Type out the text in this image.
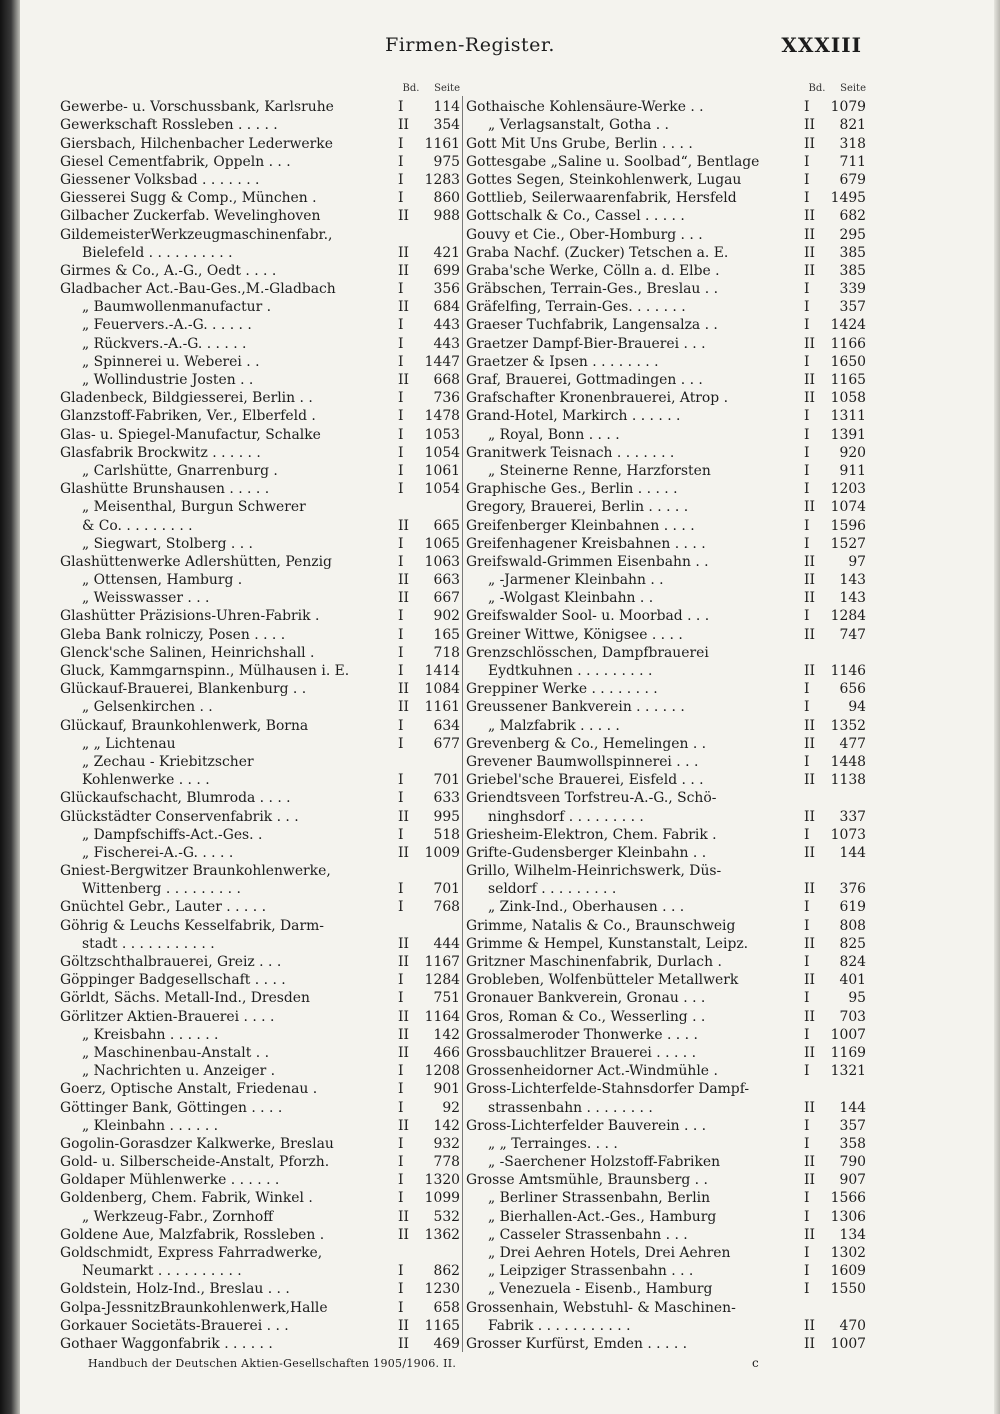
Firmen-Register.	XXXIII
Bd.	Seite
Gewerbe- u. Vorschussbank, Karlsruhe	I	114
Gewerkschaft Rossleben . . . . .	II	354
Giersbach, Hilchenbacher Lederwerke	I	1161
Giesel Cementfabrik, Oppeln . . .	I	975
Giessener Volksbad . . . . . . .	I	1283
Giesserei Sugg & Comp., München .	I	860
Gilbacher Zuckerfab. Wevelinghoven	II	988
GildemeisterWerkzeugmaschinenfabr.,
Bielefeld . . . . . . . . . .	II	421
Girmes & Co., A.-G., Oedt . . . .	II	699
Gladbacher Act.-Bau-Ges.,M.-Gladbach	I	356
„ Baumwollenmanufactur .	II	684
„ Feuervers.-A.-G. . . . . .	I	443
„ Rückvers.-A.-G. . . . . .	I	443
„ Spinnerei u. Weberei . .	I	1447
„ Wollindustrie Josten . .	II	668
Gladenbeck, Bildgiesserei, Berlin . .	I	736
Glanzstoff-Fabriken, Ver., Elberfeld .	I	1478
Glas- u. Spiegel-Manufactur, Schalke	I	1053
Glasfabrik Brockwitz . . . . . .	I	1054
„ Carlshütte, Gnarrenburg .	I	1061
Glashütte Brunshausen . . . . .	I	1054
„ Meisenthal, Burgun Schwerer
& Co. . . . . . . . .	II	665
„ Siegwart, Stolberg . . .	I	1065
Glashüttenwerke Adlershütten, Penzig	I	1063
„ Ottensen, Hamburg .	II	663
„ Weisswasser . . .	II	667
Glashütter Präzisions-Uhren-Fabrik .	I	902
Gleba Bank rolniczy, Posen . . . .	I	165
Glenck'sche Salinen, Heinrichshall .	I	718
Gluck, Kammgarnspinn., Mülhausen i. E.	I	1414
Glückauf-Brauerei, Blankenburg . .	II	1084
„ Gelsenkirchen . .	II	1161
Glückauf, Braunkohlenwerk, Borna	I	634
„ „ Lichtenau	I	677
„ Zechau - Kriebitzscher
Kohlenwerke . . . .	I	701
Glückaufschacht, Blumroda . . . .	I	633
Glückstädter Conservenfabrik . . .	II	995
„ Dampfschiffs-Act.-Ges. .	I	518
„ Fischerei-A.-G. . . . .	II	1009
Gniest-Bergwitzer Braunkohlenwerke,
Wittenberg . . . . . . . . .	I	701
Gnüchtel Gebr., Lauter . . . . .	I	768
Göhrig & Leuchs Kesselfabrik, Darm-
stadt . . . . . . . . . . .	II	444
Göltzschthalbrauerei, Greiz . . .	II	1167
Göppinger Badgesellschaft . . . .	I	1284
Görldt, Sächs. Metall-Ind., Dresden	I	751
Görlitzer Aktien-Brauerei . . . .	II	1164
„ Kreisbahn . . . . . .	II	142
„ Maschinenbau-Anstalt . .	II	466
„ Nachrichten u. Anzeiger .	I	1208
Goerz, Optische Anstalt, Friedenau .	I	901
Göttinger Bank, Göttingen . . . .	I	92
„ Kleinbahn . . . . . .	II	142
Gogolin-Gorasdzer Kalkwerke, Breslau	I	932
Gold- u. Silberscheide-Anstalt, Pforzh.	I	778
Goldaper Mühlenwerke . . . . . .	I	1320
Goldenberg, Chem. Fabrik, Winkel .	I	1099
„ Werkzeug-Fabr., Zornhoff	II	532
Goldene Aue, Malzfabrik, Rossleben .	II	1362
Goldschmidt, Express Fahrradwerke,
Neumarkt . . . . . . . . . .	I	862
Goldstein, Holz-Ind., Breslau . . .	I	1230
Golpa-JessnitzBraunkohlenwerk,Halle	I	658
Gorkauer Societäts-Brauerei . . .	II	1165
Gothaer Waggonfabrik . . . . . .	II	469
Bd.	Seite
Gothaische Kohlensäure-Werke . .	I	1079
„ Verlagsanstalt, Gotha . .	II	821
Gott Mit Uns Grube, Berlin . . . .	II	318
Gottesgabe „Saline u. Soolbad“, Bentlage	I	711
Gottes Segen, Steinkohlenwerk, Lugau	I	679
Gottlieb, Seilerwaarenfabrik, Hersfeld	I	1495
Gottschalk & Co., Cassel . . . . .	II	682
Gouvy et Cie., Ober-Homburg . . .	II	295
Graba Nachf. (Zucker) Tetschen a. E.	II	385
Graba'sche Werke, Cölln a. d. Elbe .	II	385
Gräbschen, Terrain-Ges., Breslau . .	I	339
Gräfelfing, Terrain-Ges. . . . . . .	I	357
Graeser Tuchfabrik, Langensalza . .	I	1424
Graetzer Dampf-Bier-Brauerei . . .	II	1166
Graetzer & Ipsen . . . . . . . .	I	1650
Graf, Brauerei, Gottmadingen . . .	II	1165
Grafschafter Kronenbrauerei, Atrop .	II	1058
Grand-Hotel, Markirch . . . . . .	I	1311
„ Royal, Bonn . . . .	I	1391
Granitwerk Teisnach . . . . . . .	I	920
„ Steinerne Renne, Harzforsten	I	911
Graphische Ges., Berlin . . . . .	I	1203
Gregory, Brauerei, Berlin . . . . .	II	1074
Greifenberger Kleinbahnen . . . .	I	1596
Greifenhagener Kreisbahnen . . . .	I	1527
Greifswald-Grimmen Eisenbahn . .	II	97
„ -Jarmener Kleinbahn . .	II	143
„ -Wolgast Kleinbahn . .	II	143
Greifswalder Sool- u. Moorbad . . .	I	1284
Greiner Wittwe, Königsee . . . .	II	747
Grenzschlösschen, Dampfbrauerei
Eydtkuhnen . . . . . . . . .	II	1146
Greppiner Werke . . . . . . . .	I	656
Greussener Bankverein . . . . . .	I	94
„ Malzfabrik . . . . .	II	1352
Grevenberg & Co., Hemelingen . .	II	477
Grevener Baumwollspinnerei . . .	I	1448
Griebel'sche Brauerei, Eisfeld . . .	II	1138
Griendtsveen Torfstreu-A.-G., Schö-
ninghsdorf . . . . . . . . .	II	337
Griesheim-Elektron, Chem. Fabrik .	I	1073
Grifte-Gudensberger Kleinbahn . .	II	144
Grillo, Wilhelm-Heinrichswerk, Düs-
seldorf . . . . . . . . .	II	376
„ Zink-Ind., Oberhausen . . .	I	619
Grimme, Natalis & Co., Braunschweig	I	808
Grimme & Hempel, Kunstanstalt, Leipz.	II	825
Gritzner Maschinenfabrik, Durlach .	I	824
Grobleben, Wolfenbütteler Metallwerk	II	401
Gronauer Bankverein, Gronau . . .	I	95
Gros, Roman & Co., Wesserling . .	II	703
Grossalmeroder Thonwerke . . . .	I	1007
Grossbauchlitzer Brauerei . . . . .	II	1169
Grossenheidorner Act.-Windmühle .	I	1321
Gross-Lichterfelde-Stahnsdorfer Dampf-
strassenbahn . . . . . . . .	II	144
Gross-Lichterfelder Bauverein . . .	I	357
„ „ Terrainges. . . .	I	358
„ -Saerchener Holzstoff-Fabriken	II	790
Grosse Amtsmühle, Braunsberg . .	II	907
„ Berliner Strassenbahn, Berlin	I	1566
„ Bierhallen-Act.-Ges., Hamburg	I	1306
„ Casseler Strassenbahn . . .	II	134
„ Drei Aehren Hotels, Drei Aehren	I	1302
„ Leipziger Strassenbahn . . .	I	1609
„ Venezuela - Eisenb., Hamburg	I	1550
Grossenhain, Webstuhl- & Maschinen-
Fabrik . . . . . . . . . . .	II	470
Grosser Kurfürst, Emden . . . . .	II	1007
Handbuch der Deutschen Aktien-Gesellschaften 1905/1906. II.	c
